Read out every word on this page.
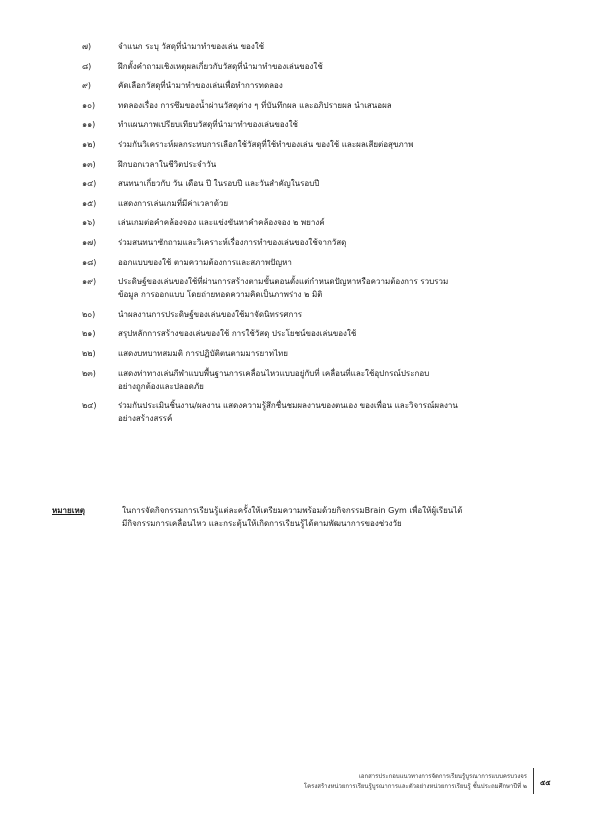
๗)	จำแนก ระบุ วัสดุที่นำมาทำของเล่น ของใช้
๘)	ฝึกตั้งคำถามเชิงเหตุผลเกี่ยวกับวัสดุที่นำมาทำของเล่นของใช้
๙)	คัดเลือกวัสดุที่นำมาทำของเล่นเพื่อทำการทดลอง
๑๐)	ทดลองเรื่อง การซึมของน้ำผ่านวัสดุต่าง ๆ ที่บันทึกผล และอภิปรายผล นำเสนอผล
๑๑)	ทำแผนภาพเปรียบเทียบวัสดุที่นำมาทำของเล่นของใช้
๑๒)	ร่วมกันวิเคราะห์ผลกระทบการเลือกใช้วัสดุที่ใช้ทำของเล่น ของใช้ และผลเสียต่อสุขภาพ
๑๓)	ฝึกบอกเวลาในชีวิตประจำวัน
๑๔)	สนทนาเกี่ยวกับ วัน เดือน ปี ในรอบปี และวันสำคัญในรอบปี
๑๕)	แสดงการเล่นเกมที่มีค่าเวลาด้วย
๑๖)	เล่นเกมต่อคำคล้องจอง และแข่งขันหาคำคล้องจอง ๒ พยางค์
๑๗)	ร่วมสนทนาซักถามและวิเคราะห์เรื่องการทำของเล่นของใช้จากวัสดุ
๑๘)	ออกแบบของใช้ ตามความต้องการและสภาพปัญหา
๑๙)	ประดิษฐ์ของเล่นของใช้ที่ผ่านการสร้างตามขั้นตอนตั้งแต่กำหนดปัญหาหรือความต้องการ รวบรวม
ข้อมูล การออกแบบ โดยถ่ายทอดความคิดเป็นภาพร่าง ๒ มิติ
๒๐)	นำผลงานการประดิษฐ์ของเล่นของใช้มาจัดนิทรรศการ
๒๑)	สรุปหลักการสร้างของเล่นของใช้ การใช้วัสดุ ประโยชน์ของเล่นของใช้
๒๒)	แสดงบทบาทสมมติ การปฏิบัติตนตามมารยาทไทย
๒๓)	แสดงท่าทางเล่นกีฬาแบบพื้นฐานการเคลื่อนไหวแบบอยู่กับที่ เคลื่อนที่และใช้อุปกรณ์ประกอบ
อย่างถูกต้องและปลอดภัย
๒๔)	ร่วมกันประเมินชิ้นงาน/ผลงาน แสดงความรู้สึกชื่นชมผลงานของตนเอง ของเพื่อน และวิจารณ์ผลงาน
อย่างสร้างสรรค์
หมายเหตุ	ในการจัดกิจกรรมการเรียนรู้แต่ละครั้งให้เตรียมความพร้อมด้วยกิจกรรมBrain Gym เพื่อให้ผู้เรียนได้
มีกิจกรรมการเคลื่อนไหว และกระตุ้นให้เกิดการเรียนรู้ได้ตามพัฒนาการของช่วงวัย
เอกสารประกอบแนวทางการจัดการเรียนรู้บูรณาการแบบครบวงจร
โครงสร้างหน่วยการเรียนรู้บูรณาการและตัวอย่างหน่วยการเรียนรู้ ชั้นประถมศึกษาปีที่ ๒ ๕๕
